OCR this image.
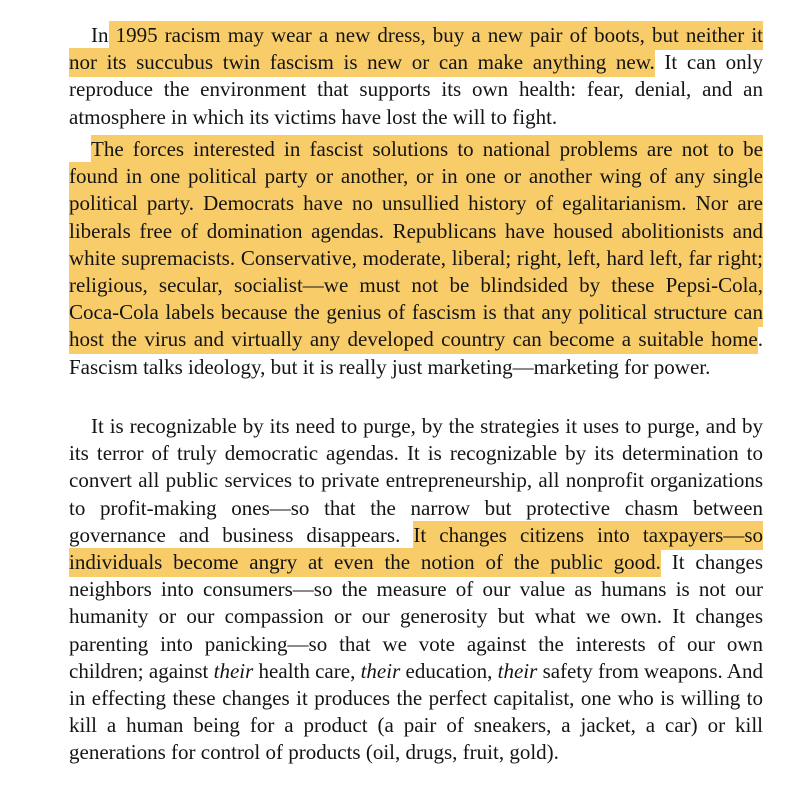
In 1995 racism may wear a new dress, buy a new pair of boots, but neither it nor its succubus twin fascism is new or can make anything new. It can only reproduce the environment that supports its own health: fear, denial, and an atmosphere in which its victims have lost the will to fight.

The forces interested in fascist solutions to national problems are not to be found in one political party or another, or in one or another wing of any single political party. Democrats have no unsullied history of egalitarianism. Nor are liberals free of domination agendas. Republicans have housed abolitionists and white supremacists. Conservative, moderate, liberal; right, left, hard left, far right; religious, secular, socialist—we must not be blindsided by these Pepsi-Cola, Coca-Cola labels because the genius of fascism is that any political structure can host the virus and virtually any developed country can become a suitable home. Fascism talks ideology, but it is really just marketing—marketing for power.

It is recognizable by its need to purge, by the strategies it uses to purge, and by its terror of truly democratic agendas. It is recognizable by its determination to convert all public services to private entrepreneurship, all nonprofit organizations to profit-making ones—so that the narrow but protective chasm between governance and business disappears. It changes citizens into taxpayers—so individuals become angry at even the notion of the public good. It changes neighbors into consumers—so the measure of our value as humans is not our humanity or our compassion or our generosity but what we own. It changes parenting into panicking—so that we vote against the interests of our own children; against their health care, their education, their safety from weapons. And in effecting these changes it produces the perfect capitalist, one who is willing to kill a human being for a product (a pair of sneakers, a jacket, a car) or kill generations for control of products (oil, drugs, fruit, gold).
